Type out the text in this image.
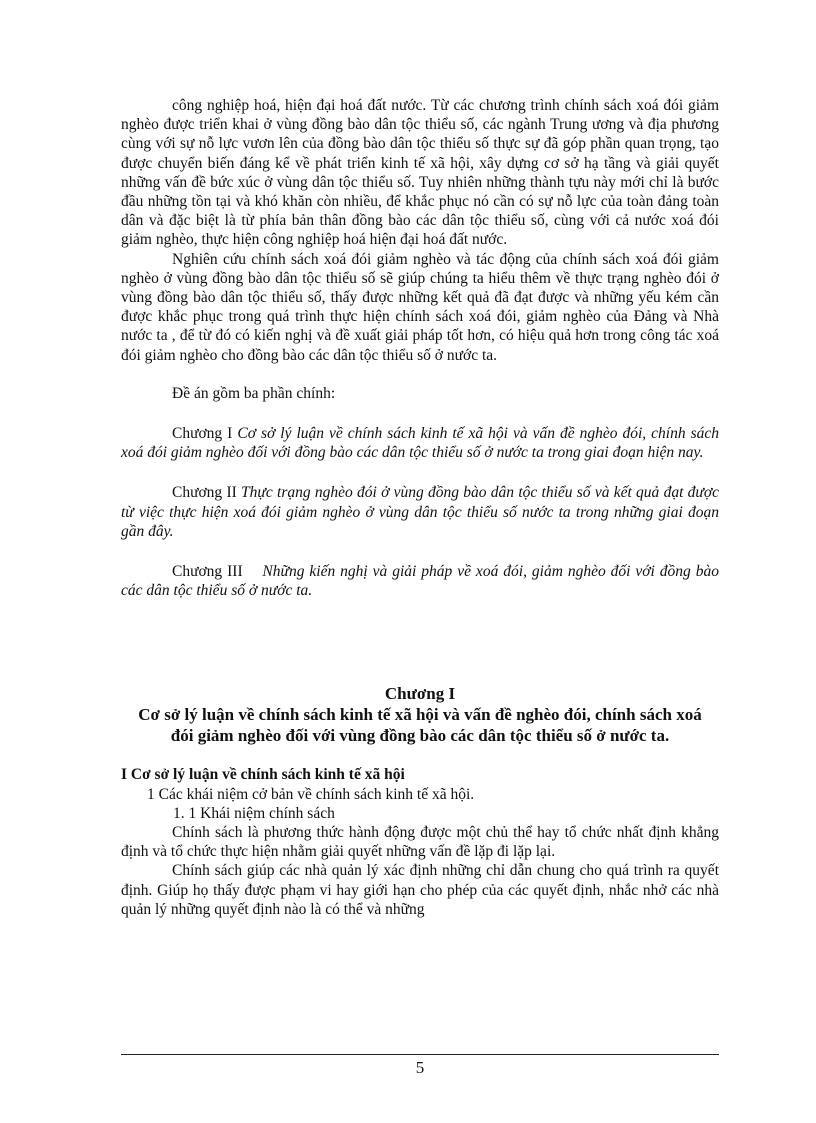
công nghiệp hoá, hiện đại hoá đất nước. Từ các chương trình chính sách xoá đói giảm nghèo được triển khai ở vùng đồng bào dân tộc thiểu số, các ngành Trung ương và địa phương cùng với sự nỗ lực vươn lên của đồng bào dân tộc thiểu số thực sự đã góp phần quan trọng, tạo được chuyển biến đáng kể về phát triển kinh tế xã hội, xây dựng cơ sở hạ tầng và giải quyết những vấn đề bức xúc ở vùng dân tộc thiểu số. Tuy nhiên những thành tựu này mới chỉ là bước đầu những tồn tại và khó khăn còn nhiều, để khắc phục nó cần có sự nỗ lực của toàn đảng toàn dân và đặc biệt là từ phía bản thân đồng bào các dân tộc thiểu số, cùng với cả nước xoá đói giảm nghèo, thực hiện công nghiệp hoá hiện đại hoá đất nước.

Nghiên cứu chính sách xoá đói giảm nghèo và tác động của chính sách xoá đói giảm nghèo ở vùng đồng bào dân tộc thiểu số sẽ giúp chúng ta hiểu thêm về thực trạng nghèo đói ở vùng đồng bào dân tộc thiểu số, thấy được những kết quả đã đạt được và những yếu kém cần được khắc phục trong quá trình thực hiện chính sách xoá đói, giảm nghèo của Đảng và Nhà nước ta , để từ đó có kiến nghị và đề xuất giải pháp tốt hơn, có hiệu quả hơn trong công tác xoá đói giảm nghèo cho đồng bào các dân tộc thiểu số ở nước ta.

Đề án gồm ba phần chính:

Chương I Cơ sở lý luận về chính sách kinh tế xã hội và vấn đề nghèo đói, chính sách xoá đói giảm nghèo đối với đồng bào các dân tộc thiểu số ở nước ta trong giai đoạn hiện nay.

Chương II Thực trạng nghèo đói ở vùng đồng bào dân tộc thiểu số và kết quả đạt được từ việc thực hiện xoá đói giảm nghèo ở vùng dân tộc thiểu số nước ta trong những giai đoạn gần đây.

Chương III Những kiến nghị và giải pháp về xoá đói, giảm nghèo đối với đồng bào các dân tộc thiểu số ở nước ta.

Chương I
Cơ sở lý luận về chính sách kinh tế xã hội và vấn đề nghèo đói, chính sách xoá đói giảm nghèo đối với vùng đồng bào các dân tộc thiểu số ở nước ta.
I Cơ sở lý luận về chính sách kinh tế xã hội

1 Các khái niệm cở bản về chính sách kinh tế xã hội.

1. 1 Khái niệm chính sách

Chính sách là phương thức hành động được một chủ thể hay tổ chức nhất định khẳng định và tổ chức thực hiện nhằm giải quyết những vấn đề lặp đi lặp lại.

Chính sách giúp các nhà quản lý xác định những chỉ dẫn chung cho quá trình ra quyết định. Giúp họ thấy được phạm vi hay giới hạn cho phép của các quyết định, nhắc nhở các nhà quản lý những quyết định nào là có thể và những

5
